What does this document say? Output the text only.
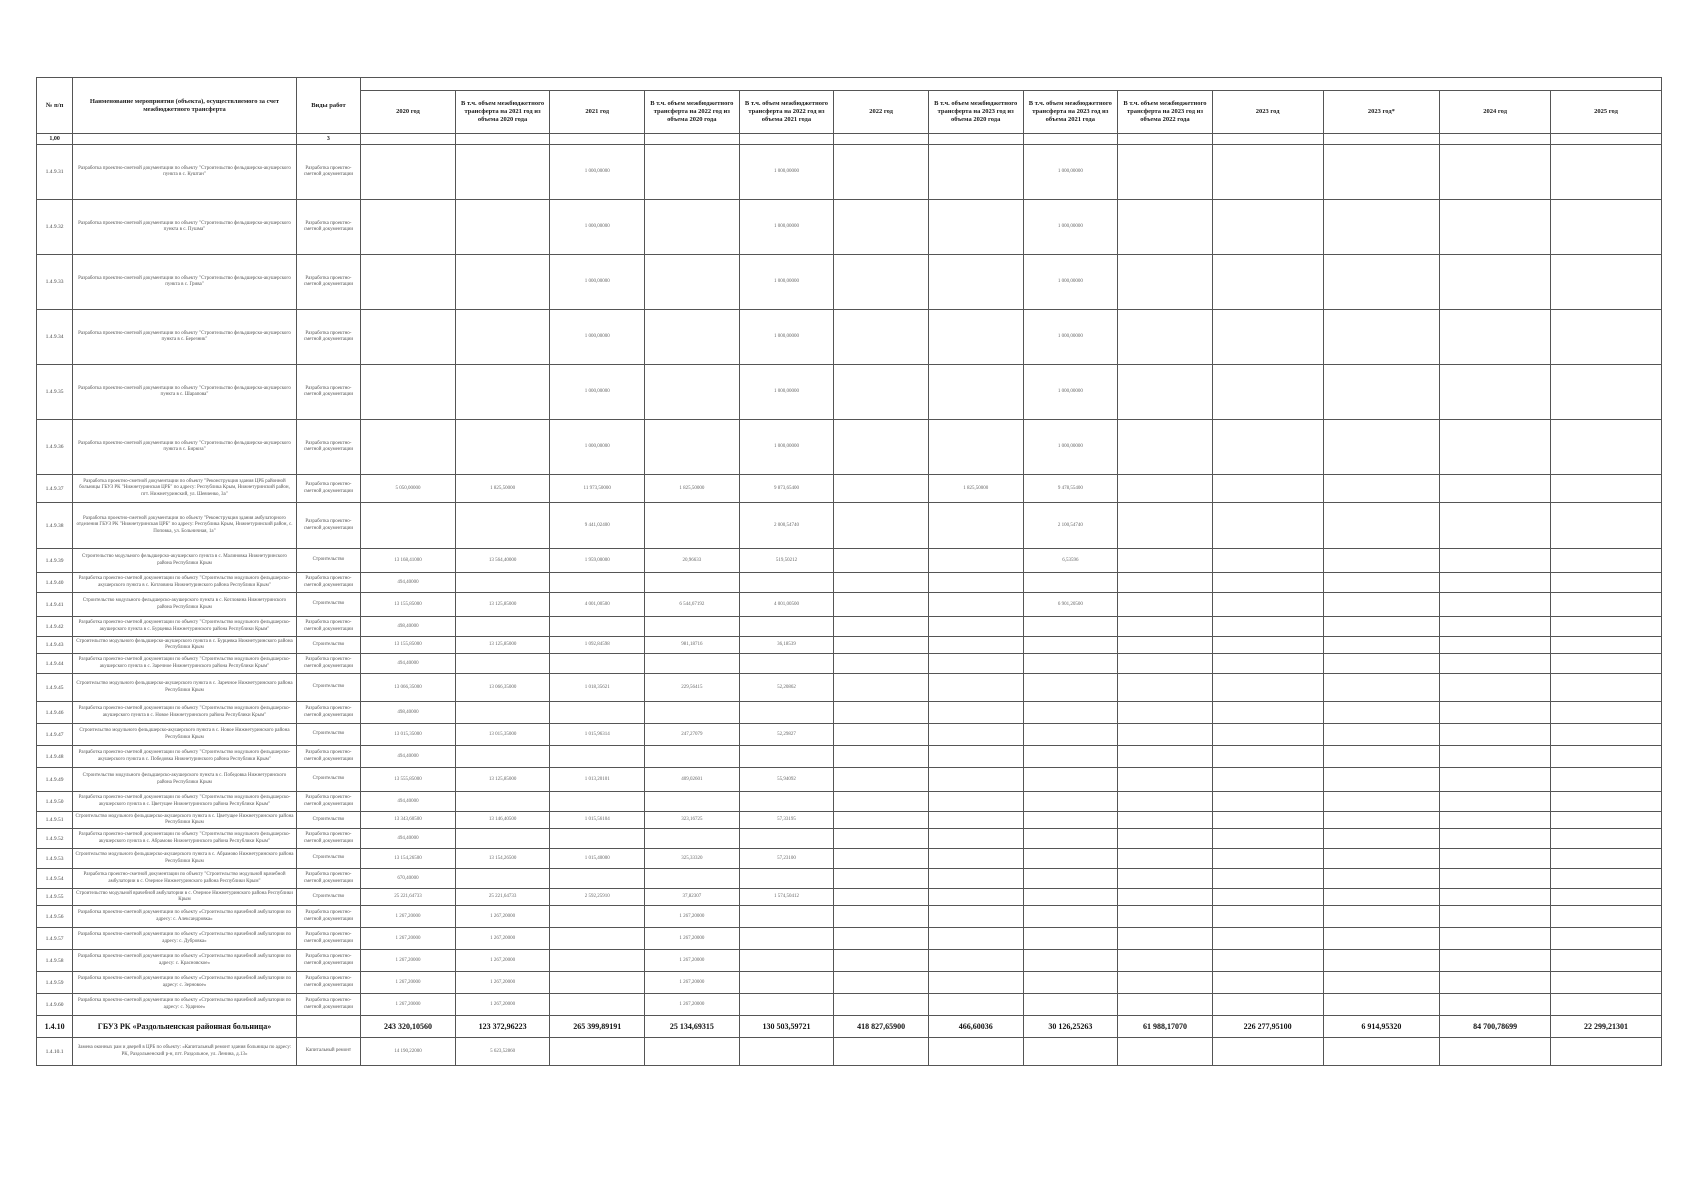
№ п/п	Наименование мероприятия (объекта), осуществляемого за счет межбюджетного трансферта	Виды работ													
			2020 год	В т.ч. объем межбюджетного трансферта на 2021 год из объема 2020 года	2021 год	В т.ч. объем межбюджетного трансферта на 2022 год из объема 2020 года	В т.ч. объем межбюджетного трансферта на 2022 год из объема 2021 года	2022 год	В т.ч. объем межбюджетного трансферта на 2023 год из объема 2020 года	В т.ч. объем межбюджетного трансферта на 2023 год из объема 2021 года	В т.ч. объем межбюджетного трансферта на 2023 год из объема 2022 года	2023 год	2023 год*	2024 год	2025 год
1,00		3													
1.4.9.31	Разработка проектно-сметной документации по объекту "Строительство фельдшерско-акушерского пункта в с. Куштан"	Разработка проектно-сметной документации			1 000,00000		1 000,00000			1 000,00000					
1.4.9.32	Разработка проектно-сметной документации по объекту "Строительство фельдшерско-акушерского пункта в с. Пушма"	Разработка проектно-сметной документации			1 000,00000		1 000,00000			1 000,00000					
1.4.9.33	Разработка проектно-сметной документации по объекту "Строительство фельдшерско-акушерского пункта в с. Грива"	Разработка проектно-сметной документации			1 000,00000		1 000,00000			1 000,00000					
1.4.9.34	Разработка проектно-сметной документации по объекту "Строительство фельдшерско-акушерского пункта в с. Березник"	Разработка проектно-сметной документации			1 000,00000		1 000,00000			1 000,00000					
1.4.9.35	Разработка проектно-сметной документации по объекту "Строительство фельдшерско-акушерского пункта в с. Шарапова"	Разработка проектно-сметной документации			1 000,00000		1 000,00000			1 000,00000					
1.4.9.36	Разработка проектно-сметной документации по объекту "Строительство фельдшерско-акушерского пункта в с. Бирюза"	Разработка проектно-сметной документации			1 000,00000		1 000,00000			1 000,00000					
1.4.9.37	Разработка проектно-сметной документации по объекту "Реконструкция здания ЦРБ районной больницы ГБУЗ РК "Нижнетуринская ЦРБ" по адресу: Республика Крым, Нижнетуринский район, пгт. Нижнетуринский, ул. Шевченко, 3а"	Разработка проектно-сметной документации	5 050,00000	1 825,50000	11 973,50000	1 825,50000	9 873,65400		1 825,50000	9 478,55400					
1.4.9.38	Разработка проектно-сметной документации по объекту "Реконструкция здания амбулаторного отделения ГБУЗ РК "Нижнетуринская ЦРБ" по адресу: Республика Крым, Нижнетуринский район, с. Поповка, ул. Больничная, 1а"	Разработка проектно-сметной документации			9 441,02400		2 000,54740			2 100,54740					
1.4.9.39	Строительство модульного фельдшерско-акушерского пункта в с. Малиновка Нижнетуринского района Республики Крым	Строительство	13 168,41000	13 564,40000	1 959,00000	20,96633	519,50212			6,53596					
1.4.9.40	Разработка проектно-сметной документации по объекту "Строительство модульного фельдшерско-акушерского пункта в с. Котловина Нижнетуринского района Республики Крым"	Разработка проектно-сметной документации	494,40000												
1.4.9.41	Строительство модульного фельдшерско-акушерского пункта в с. Котловина Нижнетуринского района Республики Крым	Строительство	13 155,85000	13 125,85000	4 001,00500	6 544,67192	4 001,00500			6 901,20500					
1.4.9.42	Разработка проектно-сметной документации по объекту "Строительство модульного фельдшерско-акушерского пункта в с. Бурцевка Нижнетуринского района Республики Крым"	Разработка проектно-сметной документации	498,40000												
1.4.9.43	Строительство модульного фельдшерско-акушерского пункта в с. Бурцевка Нижнетуринского района Республики Крым	Строительство	13 155,85000	13 125,85000	1 092,84598	981,18716	36,18539								
1.4.9.44	Разработка проектно-сметной документации по объекту "Строительство модульного фельдшерско-акушерского пункта в с. Заречное Нижнетуринского района Республики Крым"	Разработка проектно-сметной документации	494,40000												
1.4.9.45	Строительство модульного фельдшерско-акушерского пункта в с. Заречное Нижнетуринского района Республики Крым	Строительство	13 066,35000	13 066,35000	1 018,35621	229,56415	52,20862								
1.4.9.46	Разработка проектно-сметной документации по объекту "Строительство модульного фельдшерско-акушерского пункта в с. Новое Нижнетуринского района Республики Крым"	Разработка проектно-сметной документации	498,40000												
1.4.9.47	Строительство модульного фельдшерско-акушерского пункта в с. Новое Нижнетуринского района Республики Крым	Строительство	13 015,35000	13 015,35000	1 015,96314	247,27079	52,29827								
1.4.9.48	Разработка проектно-сметной документации по объекту "Строительство модульного фельдшерско-акушерского пункта в с. Победовка Нижнетуринского района Республики Крым"	Разработка проектно-сметной документации	494,40000												
1.4.9.49	Строительство модульного фельдшерско-акушерского пункта в с. Победовка Нижнетуринского района Республики Крым	Строительство	13 555,85000	13 125,85000	1 013,20101	409,02601	55,94092								
1.4.9.50	Разработка проектно-сметной документации по объекту "Строительство модульного фельдшерско-акушерского пункта в с. Цветущее Нижнетуринского района Республики Крым"	Разработка проектно-сметной документации	494,40000												
1.4.9.51	Строительство модульного фельдшерско-акушерского пункта в с. Цветущее Нижнетуринского района Республики Крым	Строительство	13 343,60500	13 146,40500	1 015,56104	323,16725	57,33195								
1.4.9.52	Разработка проектно-сметной документации по объекту "Строительство модульного фельдшерско-акушерского пункта в с. Абрамово Нижнетуринского района Республики Крым"	Разработка проектно-сметной документации	494,40000												
1.4.9.53	Строительство модульного фельдшерско-акушерского пункта в с. Абрамово Нижнетуринского района Республики Крым	Строительство	13 154,26500	13 154,26500	1 015,40000	325,33320	57,23100								
1.4.9.54	Разработка проектно-сметной документации по объекту "Строительство модульной врачебной амбулатории в с. Озерное Нижнетуринского района Республики Крым"	Разработка проектно-сметной документации	670,40000												
1.4.9.55	Строительство модульной врачебной амбулатории в с. Озерное Нижнетуринского района Республики Крым	Строительство	25 221,64733	25 221,64733	2 592,25910	37,82307	1 574,50412								
1.4.9.56	Разработка проектно-сметной документации по объекту «Строительство врачебной амбулатории по адресу: с. Александровка»	Разработка проектно-сметной документации	1 267,20000	1 267,20000		1 267,20000									
1.4.9.57	Разработка проектно-сметной документации по объекту «Строительство врачебной амбулатории по адресу: с. Дубровка»	Разработка проектно-сметной документации	1 267,20000	1 267,20000		1 267,20000									
1.4.9.58	Разработка проектно-сметной документации по объекту «Строительство врачебной амбулатории по адресу: с. Красновское»	Разработка проектно-сметной документации	1 267,20000	1 267,20000		1 267,20000									
1.4.9.59	Разработка проектно-сметной документации по объекту «Строительство врачебной амбулатории по адресу: с. Зерновое»	Разработка проектно-сметной документации	1 267,20000	1 267,20000		1 267,20000									
1.4.9.60	Разработка проектно-сметной документации по объекту «Строительство врачебной амбулатории по адресу: с. Ударное»	Разработка проектно-сметной документации	1 267,20000	1 267,20000		1 267,20000									
1.4.10	ГБУЗ РК «Раздольненская районная больница»		243 320,10560	123 372,96223	265 399,89191	25 134,69315	130 503,59721	418 827,65900	466,60036	30 126,25263	61 988,17070	226 277,95100	6 914,95320	84 700,78699	22 299,21301
1.4.10.1	Замена оконных рам и дверей в ЦРБ по объекту: «Капитальный ремонт здания больницы по адресу: РК, Раздольненский р-н, пгт. Раздольное, ул. Ленина, д.13»	Капитальный ремонт	14 190,22000	5 623,52860											
